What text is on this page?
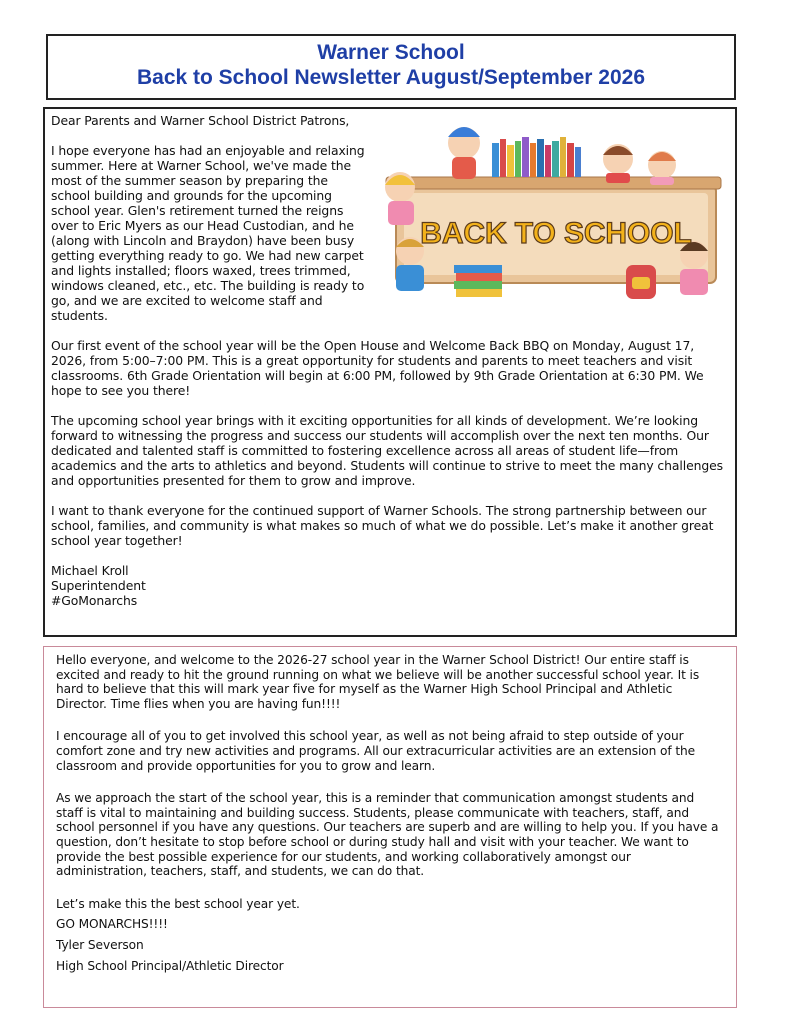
Warner School
Back to School Newsletter August/September 2026
BACK TO SCHOOL

Dear Parents and Warner School District Patrons,

I hope everyone has had an enjoyable and relaxing summer. Here at Warner School, we've made the most of the summer season by preparing the school building and grounds for the upcoming school year. Glen's retirement turned the reigns over to Eric Myers as our Head Custodian, and he (along with Lincoln and Braydon) have been busy getting everything ready to go. We had new carpet and lights installed; floors waxed, trees trimmed, windows cleaned, etc., etc. The building is ready to go, and we are excited to welcome staff and students.

Our first event of the school year will be the Open House and Welcome Back BBQ on Monday, August 17, 2026, from 5:00–7:00 PM. This is a great opportunity for students and parents to meet teachers and visit classrooms. 6th Grade Orientation will begin at 6:00 PM, followed by 9th Grade Orientation at 6:30 PM. We hope to see you there!

The upcoming school year brings with it exciting opportunities for all kinds of development. We’re looking forward to witnessing the progress and success our students will accomplish over the next ten months. Our dedicated and talented staff is committed to fostering excellence across all areas of student life—from academics and the arts to athletics and beyond. Students will continue to strive to meet the many challenges and opportunities presented for them to grow and improve.

I want to thank everyone for the continued support of Warner Schools. The strong partnership between our school, families, and community is what makes so much of what we do possible. Let’s make it another great school year together!

Michael Kroll
Superintendent
#GoMonarchs

Hello everyone, and welcome to the 2026-27 school year in the Warner School District! Our entire staff is excited and ready to hit the ground running on what we believe will be another successful school year. It is hard to believe that this will mark year five for myself as the Warner High School Principal and Athletic Director. Time flies when you are having fun!!!!

I encourage all of you to get involved this school year, as well as not being afraid to step outside of your comfort zone and try new activities and programs. All our extracurricular activities are an extension of the classroom and provide opportunities for you to grow and learn.

As we approach the start of the school year, this is a reminder that communication amongst students and staff is vital to maintaining and building success. Students, please communicate with teachers, staff, and school personnel if you have any questions. Our teachers are superb and are willing to help you. If you have a question, don’t hesitate to stop before school or during study hall and visit with your teacher. We want to provide the best possible experience for our students, and working collaboratively amongst our administration, teachers, staff, and students, we can do that.

Let’s make this the best school year yet.
GO MONARCHS!!!!
Tyler Severson
High School Principal/Athletic Director
